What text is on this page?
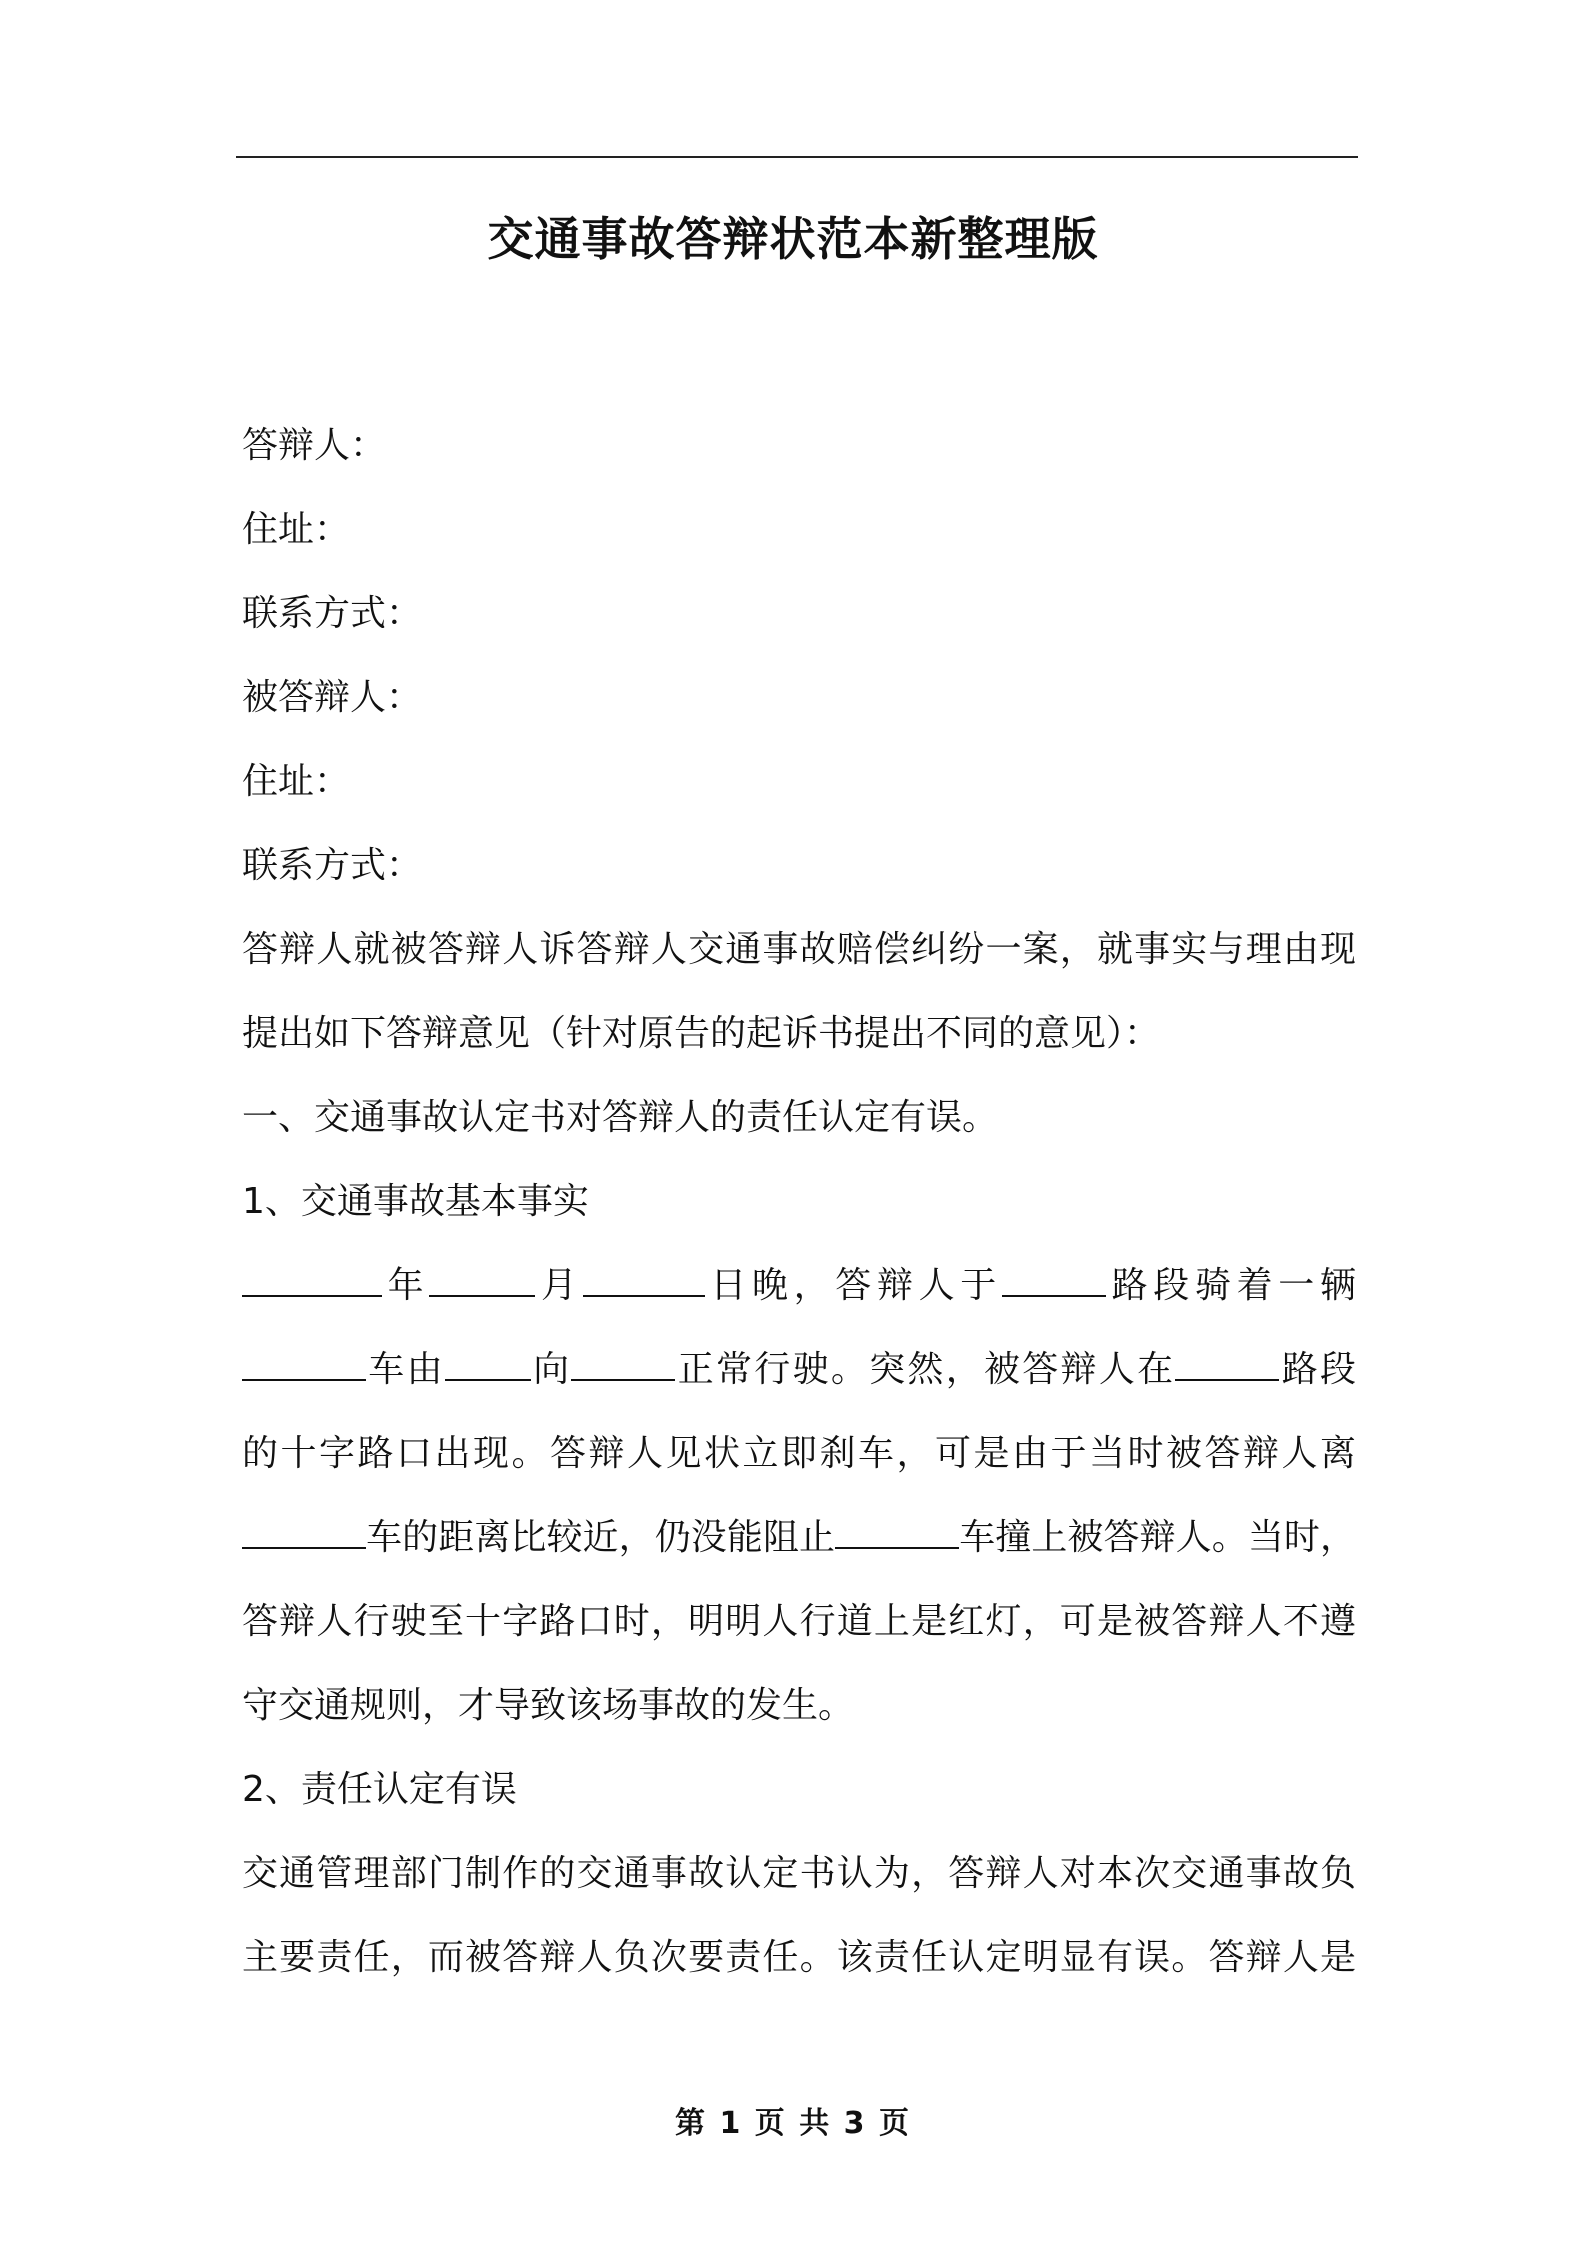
交通事故答辩状范本新整理版
答辩人：
住址：
联系方式：
被答辩人：
住址：
联系方式：
答辩人就被答辩人诉答辩人交通事故赔偿纠纷一案，就事实与理由现
提出如下答辩意见（针对原告的起诉书提出不同的意见）：
一、交通事故认定书对答辩人的责任认定有误。
1、交通事故基本事实
年	月	日晚，答辩人于	路段骑着一辆
车由 向	正常行驶。突然，被答辩人在	路段
的十字路口出现。答辩人见状立即刹车，可是由于当时被答辩人离
车的距离比较近，仍没能阻止	车撞上被答辩人。当时，
答辩人行驶至十字路口时，明明人行道上是红灯，可是被答辩人不遵
守交通规则，才导致该场事故的发生。
2、责任认定有误
交通管理部门制作的交通事故认定书认为，答辩人对本次交通事故负
主要责任，而被答辩人负次要责任。该责任认定明显有误。答辩人是
第 1 页 共 3 页
